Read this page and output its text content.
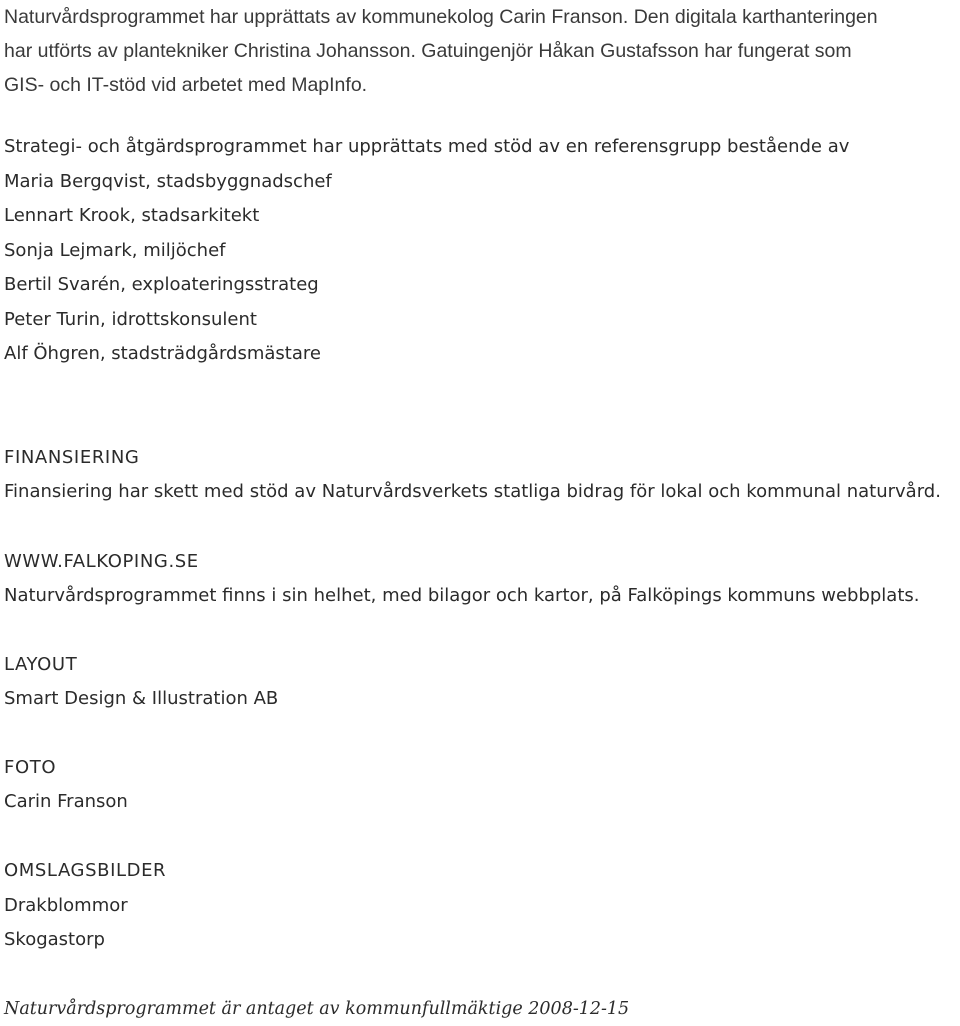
Naturvårdsprogrammet har upprättats av kommunekolog Carin Franson. Den digitala karthanteringen
har utförts av plantekniker Christina Johansson. Gatuingenjör Håkan Gustafsson har fungerat som
GIS- och IT-stöd vid arbetet med MapInfo.

Strategi- och åtgärdsprogrammet har upprättats med stöd av en referensgrupp bestående av
Maria Bergqvist, stadsbyggnadschef
Lennart Krook, stadsarkitekt
Sonja Lejmark, miljöchef
Bertil Svarén, exploateringsstrateg
Peter Turin, idrottskonsulent
Alf Öhgren, stadsträdgårdsmästare

FINANSIERING

Finansiering har skett med stöd av Naturvårdsverkets statliga bidrag för lokal och kommunal naturvård.

WWW.FALKOPING.SE

Naturvårdsprogrammet finns i sin helhet, med bilagor och kartor, på Falköpings kommuns webbplats.

LAYOUT

Smart Design & Illustration AB

FOTO

Carin Franson

OMSLAGSBILDER

Drakblommor

Skogastorp

Naturvårdsprogrammet är antaget av kommunfullmäktige 2008-12-15
